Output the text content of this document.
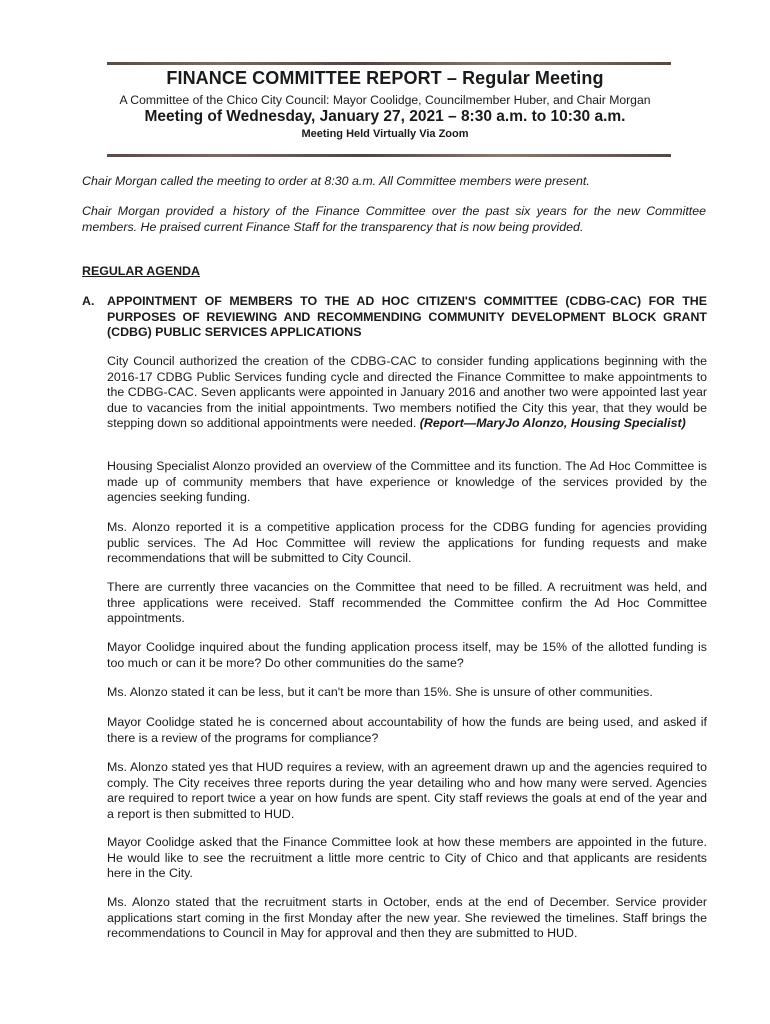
FINANCE COMMITTEE REPORT – Regular Meeting
A Committee of the Chico City Council: Mayor Coolidge, Councilmember Huber, and Chair Morgan
Meeting of Wednesday, January 27, 2021 – 8:30 a.m. to 10:30 a.m.
Meeting Held Virtually Via Zoom
Chair Morgan called the meeting to order at 8:30 a.m. All Committee members were present.
Chair Morgan provided a history of the Finance Committee over the past six years for the new Committee members. He praised current Finance Staff for the transparency that is now being provided.
REGULAR AGENDA
A. APPOINTMENT OF MEMBERS TO THE AD HOC CITIZEN'S COMMITTEE (CDBG-CAC) FOR THE PURPOSES OF REVIEWING AND RECOMMENDING COMMUNITY DEVELOPMENT BLOCK GRANT (CDBG) PUBLIC SERVICES APPLICATIONS
City Council authorized the creation of the CDBG-CAC to consider funding applications beginning with the 2016-17 CDBG Public Services funding cycle and directed the Finance Committee to make appointments to the CDBG-CAC. Seven applicants were appointed in January 2016 and another two were appointed last year due to vacancies from the initial appointments. Two members notified the City this year, that they would be stepping down so additional appointments were needed. (Report—MaryJo Alonzo, Housing Specialist)
Housing Specialist Alonzo provided an overview of the Committee and its function. The Ad Hoc Committee is made up of community members that have experience or knowledge of the services provided by the agencies seeking funding.
Ms. Alonzo reported it is a competitive application process for the CDBG funding for agencies providing public services. The Ad Hoc Committee will review the applications for funding requests and make recommendations that will be submitted to City Council.
There are currently three vacancies on the Committee that need to be filled. A recruitment was held, and three applications were received. Staff recommended the Committee confirm the Ad Hoc Committee appointments.
Mayor Coolidge inquired about the funding application process itself, may be 15% of the allotted funding is too much or can it be more? Do other communities do the same?
Ms. Alonzo stated it can be less, but it can't be more than 15%. She is unsure of other communities.
Mayor Coolidge stated he is concerned about accountability of how the funds are being used, and asked if there is a review of the programs for compliance?
Ms. Alonzo stated yes that HUD requires a review, with an agreement drawn up and the agencies required to comply. The City receives three reports during the year detailing who and how many were served. Agencies are required to report twice a year on how funds are spent. City staff reviews the goals at end of the year and a report is then submitted to HUD.
Mayor Coolidge asked that the Finance Committee look at how these members are appointed in the future. He would like to see the recruitment a little more centric to City of Chico and that applicants are residents here in the City.
Ms. Alonzo stated that the recruitment starts in October, ends at the end of December. Service provider applications start coming in the first Monday after the new year. She reviewed the timelines. Staff brings the recommendations to Council in May for approval and then they are submitted to HUD.
